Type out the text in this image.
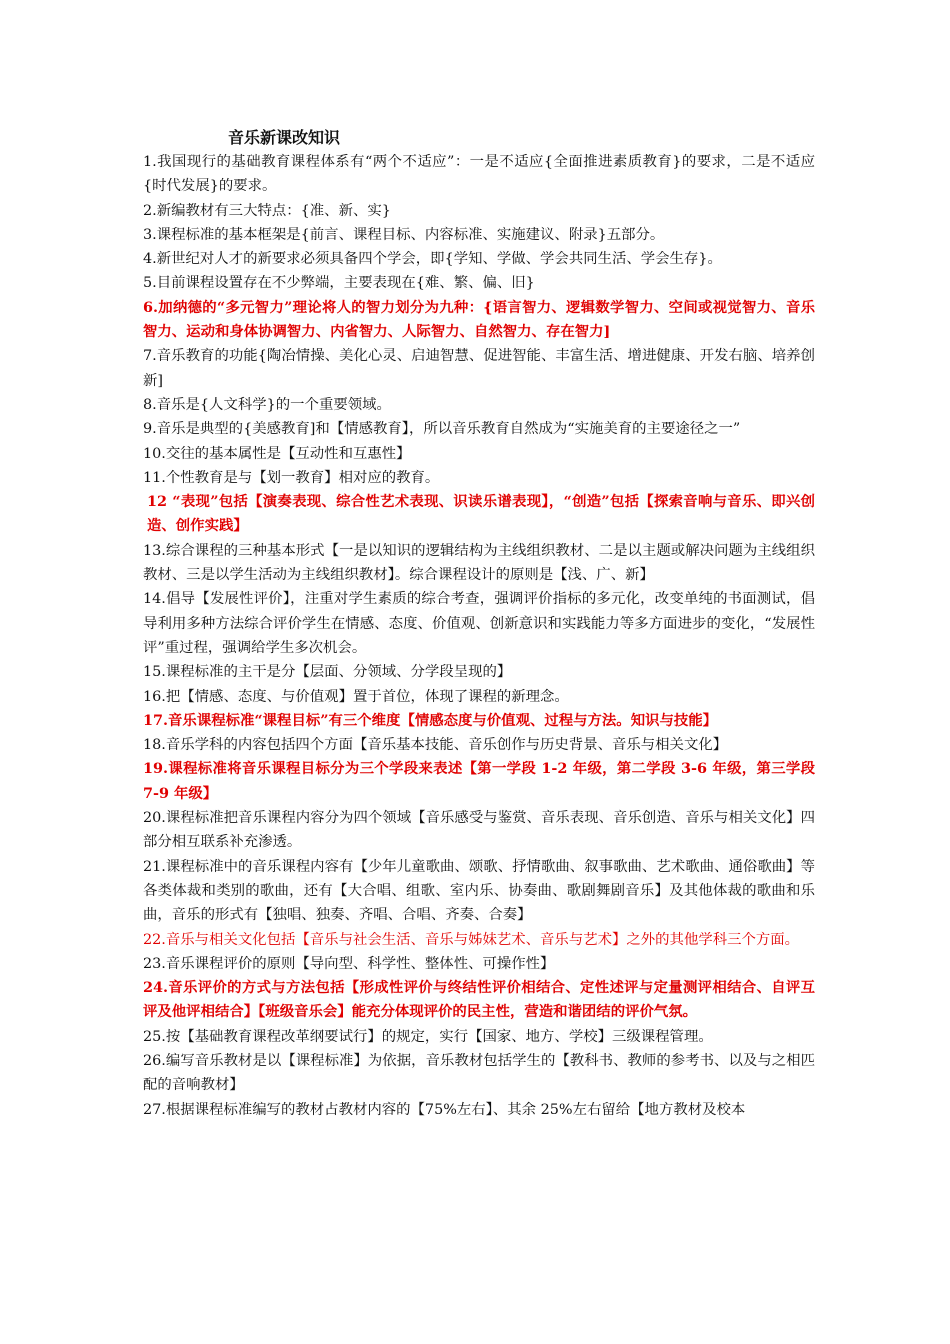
音乐新课改知识

1.我国现行的基础教育课程体系有“两个不适应”：一是不适应{全面推进素质教育}的要求，二是不适应{时代发展}的要求。

2.新编教材有三大特点：{准、新、实}

3.课程标准的基本框架是{前言、课程目标、内容标准、实施建议、附录}五部分。

4.新世纪对人才的新要求必须具备四个学会，即{学知、学做、学会共同生活、学会生存}。

5.目前课程设置存在不少弊端，主要表现在{难、繁、偏、旧}

6.加纳德的“多元智力”理论将人的智力划分为九种：{语言智力、逻辑数学智力、空间或视觉智力、音乐智力、运动和身体协调智力、内省智力、人际智力、自然智力、存在智力]

7.音乐教育的功能{陶冶情操、美化心灵、启迪智慧、促进智能、丰富生活、增进健康、开发右脑、培养创新]

8.音乐是{人文科学}的一个重要领域。

9.音乐是典型的{美感教育]和【情感教育】，所以音乐教育自然成为“实施美育的主要途径之一”

10.交往的基本属性是【互动性和互惠性】

11.个性教育是与【划一教育】相对应的教育。

12 “表现”包括【演奏表现、综合性艺术表现、识读乐谱表现】，“创造”包括【探索音响与音乐、即兴创造、创作实践】

13.综合课程的三种基本形式【一是以知识的逻辑结构为主线组织教材、二是以主题或解决问题为主线组织教材、三是以学生活动为主线组织教材】。综合课程设计的原则是【浅、广、新】

14.倡导【发展性评价】，注重对学生素质的综合考查，强调评价指标的多元化，改变单纯的书面测试，倡导利用多种方法综合评价学生在情感、态度、价值观、创新意识和实践能力等多方面进步的变化，“发展性评”重过程，强调给学生多次机会。

15.课程标准的主干是分【层面、分领域、分学段呈现的】

16.把【情感、态度、与价值观】置于首位，体现了课程的新理念。

17.音乐课程标准“课程目标”有三个维度【情感态度与价值观、过程与方法。知识与技能】

18.音乐学科的内容包括四个方面【音乐基本技能、音乐创作与历史背景、音乐与相关文化】

19.课程标准将音乐课程目标分为三个学段来表述【第一学段 1-2 年级，第二学段 3-6 年级，第三学段 7-9 年级】

20.课程标准把音乐课程内容分为四个领域【音乐感受与鉴赏、音乐表现、音乐创造、音乐与相关文化】四部分相互联系补充渗透。

21.课程标准中的音乐课程内容有【少年儿童歌曲、颂歌、抒情歌曲、叙事歌曲、艺术歌曲、通俗歌曲】等各类体裁和类别的歌曲，还有【大合唱、组歌、室内乐、协奏曲、歌剧舞剧音乐】及其他体裁的歌曲和乐曲，音乐的形式有【独唱、独奏、齐唱、合唱、齐奏、合奏】

22.音乐与相关文化包括【音乐与社会生活、音乐与姊妹艺术、音乐与艺术】之外的其他学科三个方面。

23.音乐课程评价的原则【导向型、科学性、整体性、可操作性】

24.音乐评价的方式与方法包括【形成性评价与终结性评价相结合、定性述评与定量测评相结合、自评互评及他评相结合】【班级音乐会】能充分体现评价的民主性，营造和谐团结的评价气氛。

25.按【基础教育课程改革纲要试行】的规定，实行【国家、地方、学校】三级课程管理。

26.编写音乐教材是以【课程标准】为依据，音乐教材包括学生的【教科书、教师的参考书、以及与之相匹配的音响教材】

27.根据课程标准编写的教材占教材内容的【75%左右】、其余 25%左右留给【地方教材及校本
